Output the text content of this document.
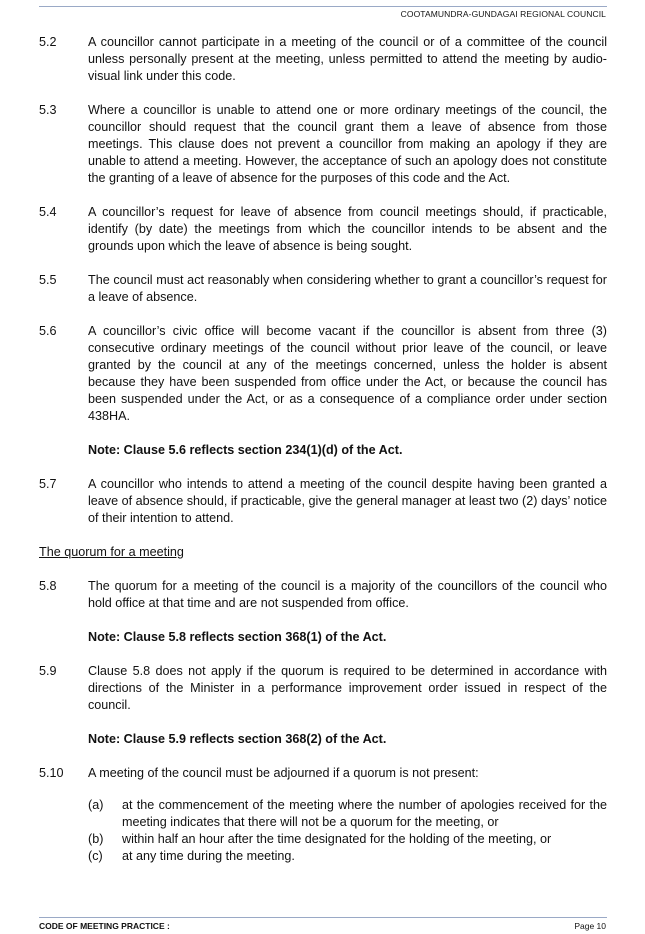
COOTAMUNDRA-GUNDAGAI REGIONAL COUNCIL
5.2	A councillor cannot participate in a meeting of the council or of a committee of the council unless personally present at the meeting, unless permitted to attend the meeting by audio-visual link under this code.
5.3	Where a councillor is unable to attend one or more ordinary meetings of the council, the councillor should request that the council grant them a leave of absence from those meetings. This clause does not prevent a councillor from making an apology if they are unable to attend a meeting. However, the acceptance of such an apology does not constitute the granting of a leave of absence for the purposes of this code and the Act.
5.4	A councillor’s request for leave of absence from council meetings should, if practicable, identify (by date) the meetings from which the councillor intends to be absent and the grounds upon which the leave of absence is being sought.
5.5	The council must act reasonably when considering whether to grant a councillor’s request for a leave of absence.
5.6	A councillor’s civic office will become vacant if the councillor is absent from three (3) consecutive ordinary meetings of the council without prior leave of the council, or leave granted by the council at any of the meetings concerned, unless the holder is absent because they have been suspended from office under the Act, or because the council has been suspended under the Act, or as a consequence of a compliance order under section 438HA.
Note: Clause 5.6 reflects section 234(1)(d) of the Act.
5.7	A councillor who intends to attend a meeting of the council despite having been granted a leave of absence should, if practicable, give the general manager at least two (2) days’ notice of their intention to attend.
The quorum for a meeting
5.8	The quorum for a meeting of the council is a majority of the councillors of the council who hold office at that time and are not suspended from office.
Note: Clause 5.8 reflects section 368(1) of the Act.
5.9	Clause 5.8 does not apply if the quorum is required to be determined in accordance with directions of the Minister in a performance improvement order issued in respect of the council.
Note: Clause 5.9 reflects section 368(2) of the Act.
5.10	A meeting of the council must be adjourned if a quorum is not present:
(a)	at the commencement of the meeting where the number of apologies received for the meeting indicates that there will not be a quorum for the meeting, or
(b)	within half an hour after the time designated for the holding of the meeting, or
(c)	at any time during the meeting.
CODE OF MEETING PRACTICE :	Page 10
